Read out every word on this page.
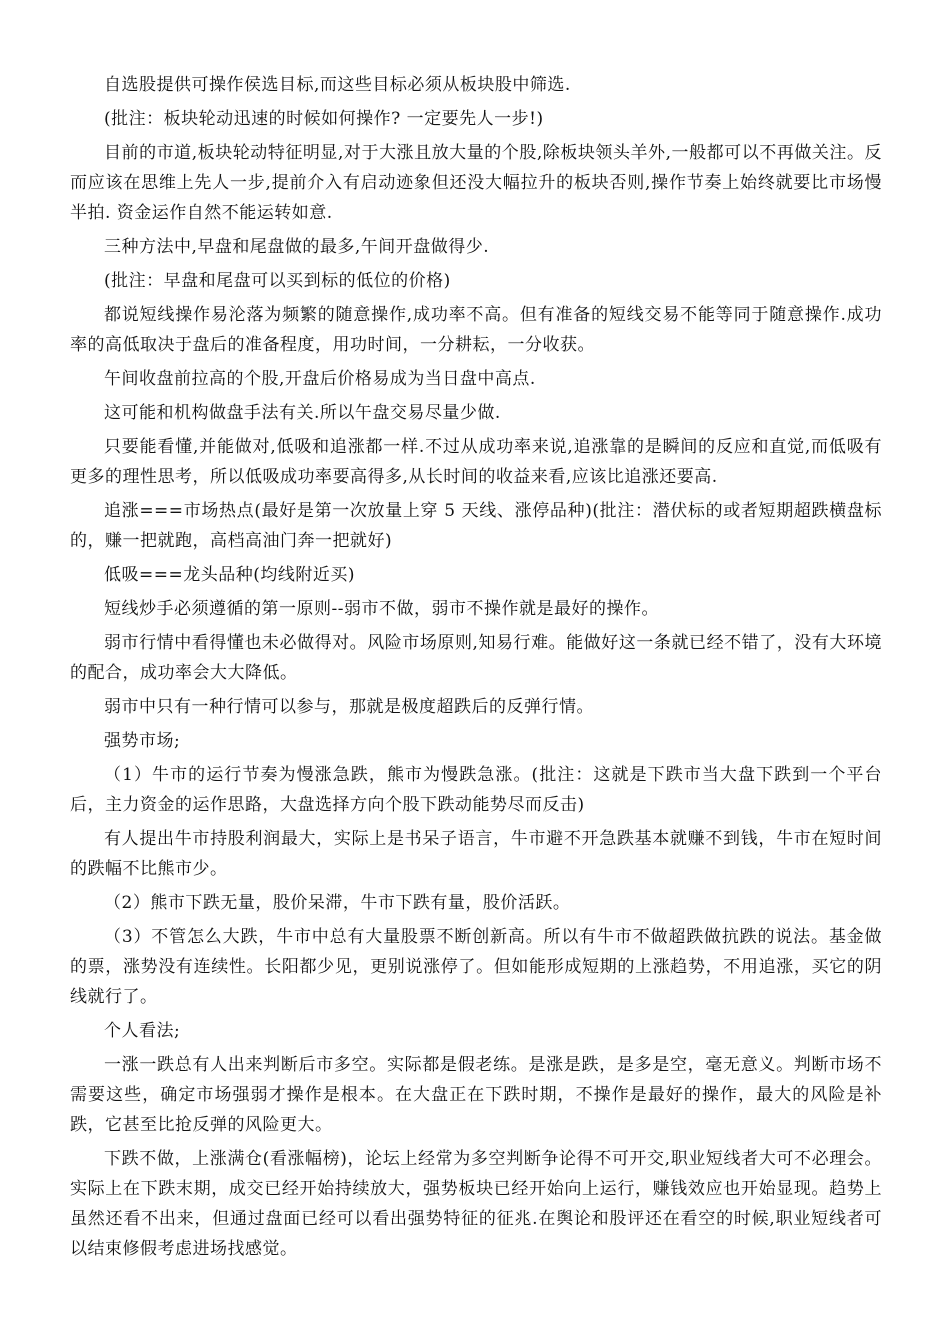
自选股提供可操作侯选目标,而这些目标必须从板块股中筛选.

(批注：板块轮动迅速的时候如何操作? 一定要先人一步!)

目前的市道,板块轮动特征明显,对于大涨且放大量的个股,除板块领头羊外,一般都可以不再做关注。反而应该在思维上先人一步,提前介入有启动迹象但还没大幅拉升的板块否则,操作节奏上始终就要比市场慢半拍. 资金运作自然不能运转如意.

三种方法中,早盘和尾盘做的最多,午间开盘做得少.

(批注：早盘和尾盘可以买到标的低位的价格)

都说短线操作易沦落为频繁的随意操作,成功率不高。但有准备的短线交易不能等同于随意操作.成功率的高低取决于盘后的准备程度，用功时间，一分耕耘，一分收获。

午间收盘前拉高的个股,开盘后价格易成为当日盘中高点.

这可能和机构做盘手法有关.所以午盘交易尽量少做.

只要能看懂,并能做对,低吸和追涨都一样.不过从成功率来说,追涨靠的是瞬间的反应和直觉,而低吸有更多的理性思考，所以低吸成功率要高得多,从长时间的收益来看,应该比追涨还要高.

追涨===市场热点(最好是第一次放量上穿 5 天线、涨停品种)(批注：潜伏标的或者短期超跌横盘标的，赚一把就跑，高档高油门奔一把就好)

低吸===龙头品种(均线附近买)

短线炒手必须遵循的第一原则--弱市不做，弱市不操作就是最好的操作。

弱市行情中看得懂也未必做得对。风险市场原则,知易行难。能做好这一条就已经不错了，没有大环境的配合，成功率会大大降低。

弱市中只有一种行情可以参与，那就是极度超跌后的反弹行情。

强势市场;

（1）牛市的运行节奏为慢涨急跌，熊市为慢跌急涨。(批注：这就是下跌市当大盘下跌到一个平台后，主力资金的运作思路，大盘选择方向个股下跌动能势尽而反击)

有人提出牛市持股利润最大，实际上是书呆子语言，牛市避不开急跌基本就赚不到钱，牛市在短时间的跌幅不比熊市少。

（2）熊市下跌无量，股价呆滞，牛市下跌有量，股价活跃。

（3）不管怎么大跌，牛市中总有大量股票不断创新高。所以有牛市不做超跌做抗跌的说法。基金做的票，涨势没有连续性。长阳都少见，更别说涨停了。但如能形成短期的上涨趋势，不用追涨，买它的阴线就行了。

个人看法;

一涨一跌总有人出来判断后市多空。实际都是假老练。是涨是跌，是多是空，毫无意义。判断市场不需要这些，确定市场强弱才操作是根本。在大盘正在下跌时期，不操作是最好的操作，最大的风险是补跌，它甚至比抢反弹的风险更大。

下跌不做，上涨满仓(看涨幅榜)，论坛上经常为多空判断争论得不可开交,职业短线者大可不必理会。实际上在下跌末期，成交已经开始持续放大，强势板块已经开始向上运行，赚钱效应也开始显现。趋势上虽然还看不出来，但通过盘面已经可以看出强势特征的征兆.在舆论和股评还在看空的时候,职业短线者可以结束修假考虑进场找感觉。
